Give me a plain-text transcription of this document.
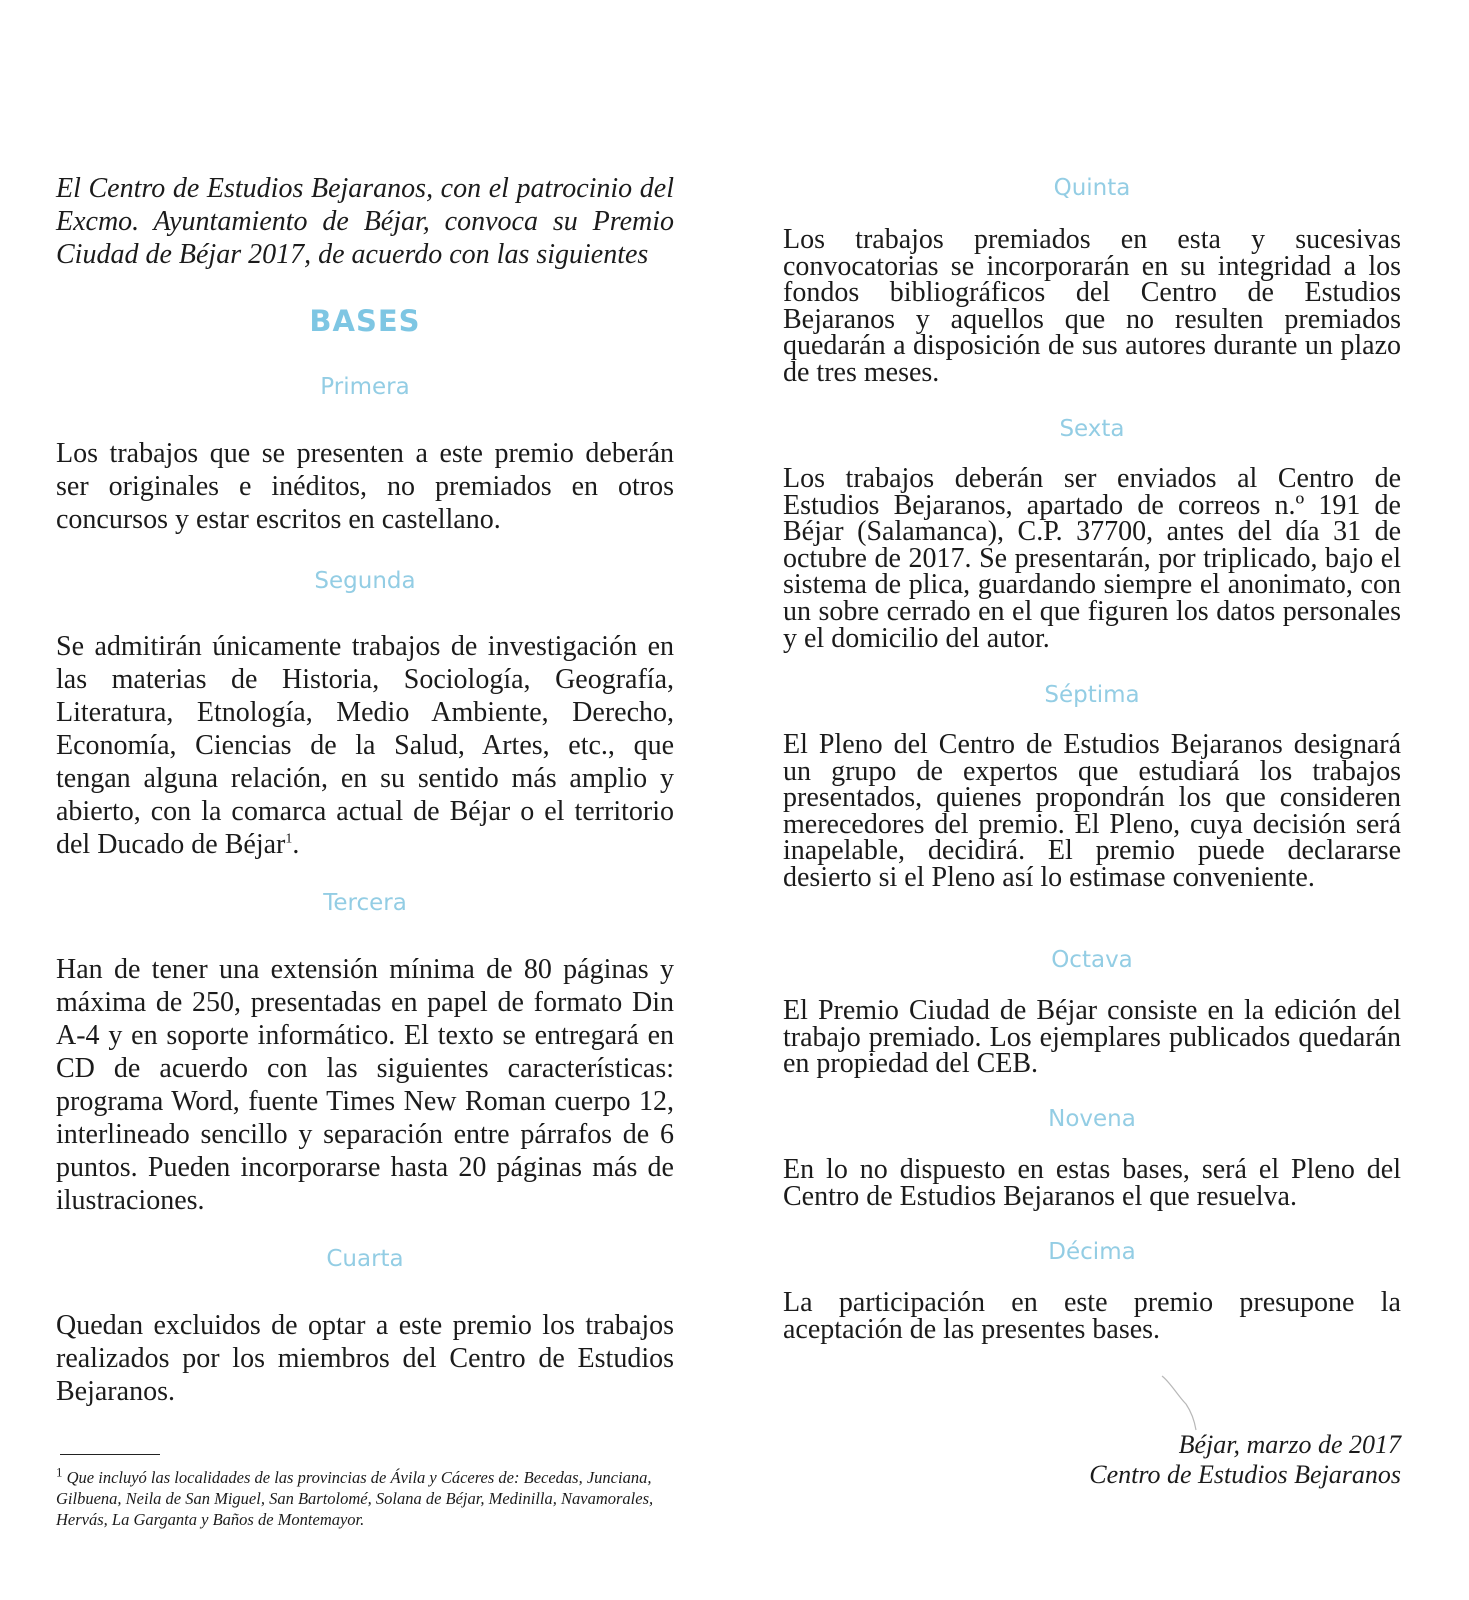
El Centro de Estudios Bejaranos, con el patrocinio del Excmo. Ayuntamiento de Béjar, convoca su Premio Ciudad de Béjar 2017, de acuerdo con las siguientes
BASES
Primera
Los trabajos que se presenten a este premio deberán ser originales e inéditos, no premiados en otros concursos y estar escritos en castellano.
Segunda
Se admitirán únicamente trabajos de investigación en las materias de Historia, Sociología, Geografía, Literatura, Etnología, Medio Ambiente, Derecho, Economía, Ciencias de la Salud, Artes, etc., que tengan alguna relación, en su sentido más amplio y abierto, con la comarca actual de Béjar o el territorio del Ducado de Béjar$^1$.
Tercera
Han de tener una extensión mínima de 80 páginas y máxima de 250, presentadas en papel de formato Din A-4 y en soporte informático. El texto se entregará en CD de acuerdo con las siguientes características: programa Word, fuente Times New Roman cuerpo 12, interlineado sencillo y separación entre párrafos de 6 puntos. Pueden incorporarse hasta 20 páginas más de ilustraciones.
Cuarta
Quedan excluidos de optar a este premio los trabajos realizados por los miembros del Centro de Estudios Bejaranos.
$^1$ Que incluyó las localidades de las provincias de Ávila y Cáceres de: Becedas, Junciana, Gilbuena, Neila de San Miguel, San Bartolomé, Solana de Béjar, Medinilla, Navamorales, Hervás, La Garganta y Baños de Montemayor.
Quinta
Los trabajos premiados en esta y sucesivas convocatorias se incorporarán en su integridad a los fondos bibliográficos del Centro de Estudios Bejaranos y aquellos que no resulten premiados quedarán a disposición de sus autores durante un plazo de tres meses.
Sexta
Los trabajos deberán ser enviados al Centro de Estudios Bejaranos, apartado de correos n.º 191 de Béjar (Salamanca), C.P. 37700, antes del día 31 de octubre de 2017. Se presentarán, por triplicado, bajo el sistema de plica, guardando siempre el anonimato, con un sobre cerrado en el que figuren los datos personales y el domicilio del autor.
Séptima
El Pleno del Centro de Estudios Bejaranos designará un grupo de expertos que estudiará los trabajos presentados, quienes propondrán los que consideren merecedores del premio. El Pleno, cuya decisión será inapelable, decidirá. El premio puede declararse desierto si el Pleno así lo estimase conveniente.
Octava
El Premio Ciudad de Béjar consiste en la edición del trabajo premiado. Los ejemplares publicados quedarán en propiedad del CEB.
Novena
En lo no dispuesto en estas bases, será el Pleno del Centro de Estudios Bejaranos el que resuelva.
Décima
La participación en este premio presupone la aceptación de las presentes bases.
Béjar, marzo de 2017
Centro de Estudios Bejaranos
